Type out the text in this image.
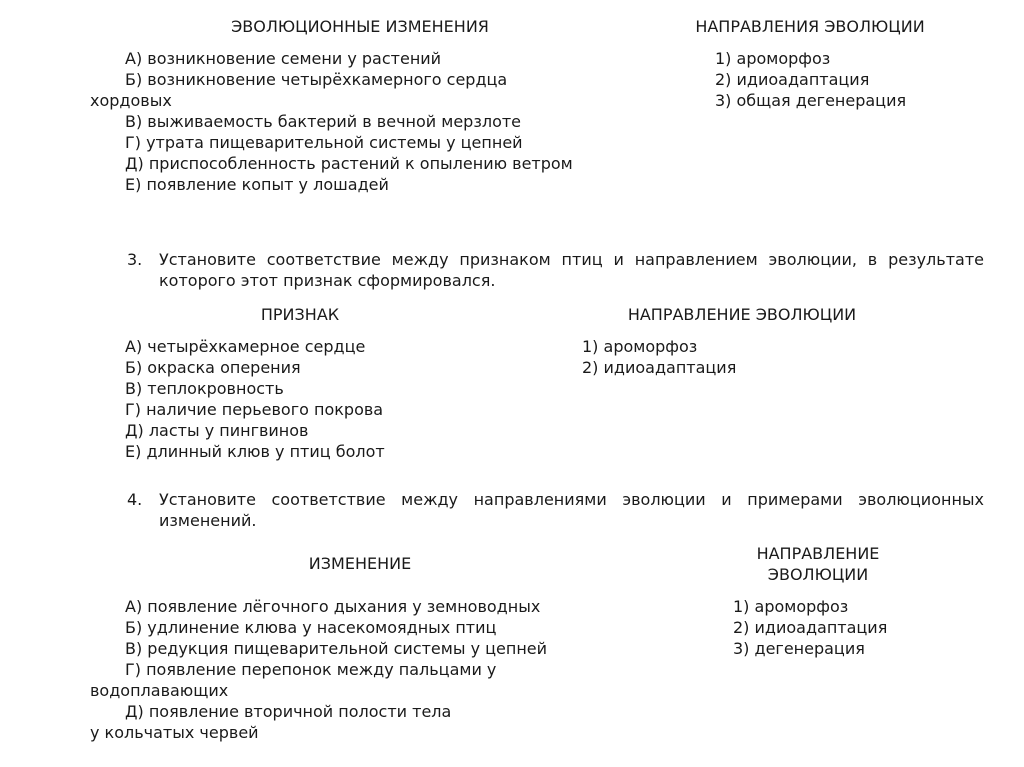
ЭВОЛЮЦИОННЫЕ ИЗМЕНЕНИЯ	НАПРАВЛЕНИЯ ЭВОЛЮЦИИ
А) возникновение семени у растений
Б) возникновение четырёхкамерного сердца
хордовых
В) выживаемость бактерий в вечной мерзлоте
Г) утрата пищеварительной системы у цепней
Д) приспособленность растений к опылению ветром
Е) появление копыт у лошадей
1) ароморфоз
2) идиоадаптация
3) общая дегенерация
3. Установите соответствие между признаком птиц и направлением эволюции, в результате которого этот признак сформировался.
ПРИЗНАК	НАПРАВЛЕНИЕ ЭВОЛЮЦИИ
А) четырёхкамерное сердце
Б) окраска оперения
В) теплокровность
Г) наличие перьевого покрова
Д) ласты у пингвинов
Е) длинный клюв у птиц болот
1) ароморфоз
2) идиоадаптация
4. Установите соответствие между направлениями эволюции и примерами эволюционных изменений.
ИЗМЕНЕНИЕ
НАПРАВЛЕНИЕ
ЭВОЛЮЦИИ
А) появление лёгочного дыхания у земноводных
Б) удлинение клюва у насекомоядных птиц
В) редукция пищеварительной системы у цепней
Г) появление перепонок между пальцами у
водоплавающих
Д) появление вторичной полости тела
у кольчатых червей
1) ароморфоз
2) идиоадаптация
3) дегенерация
